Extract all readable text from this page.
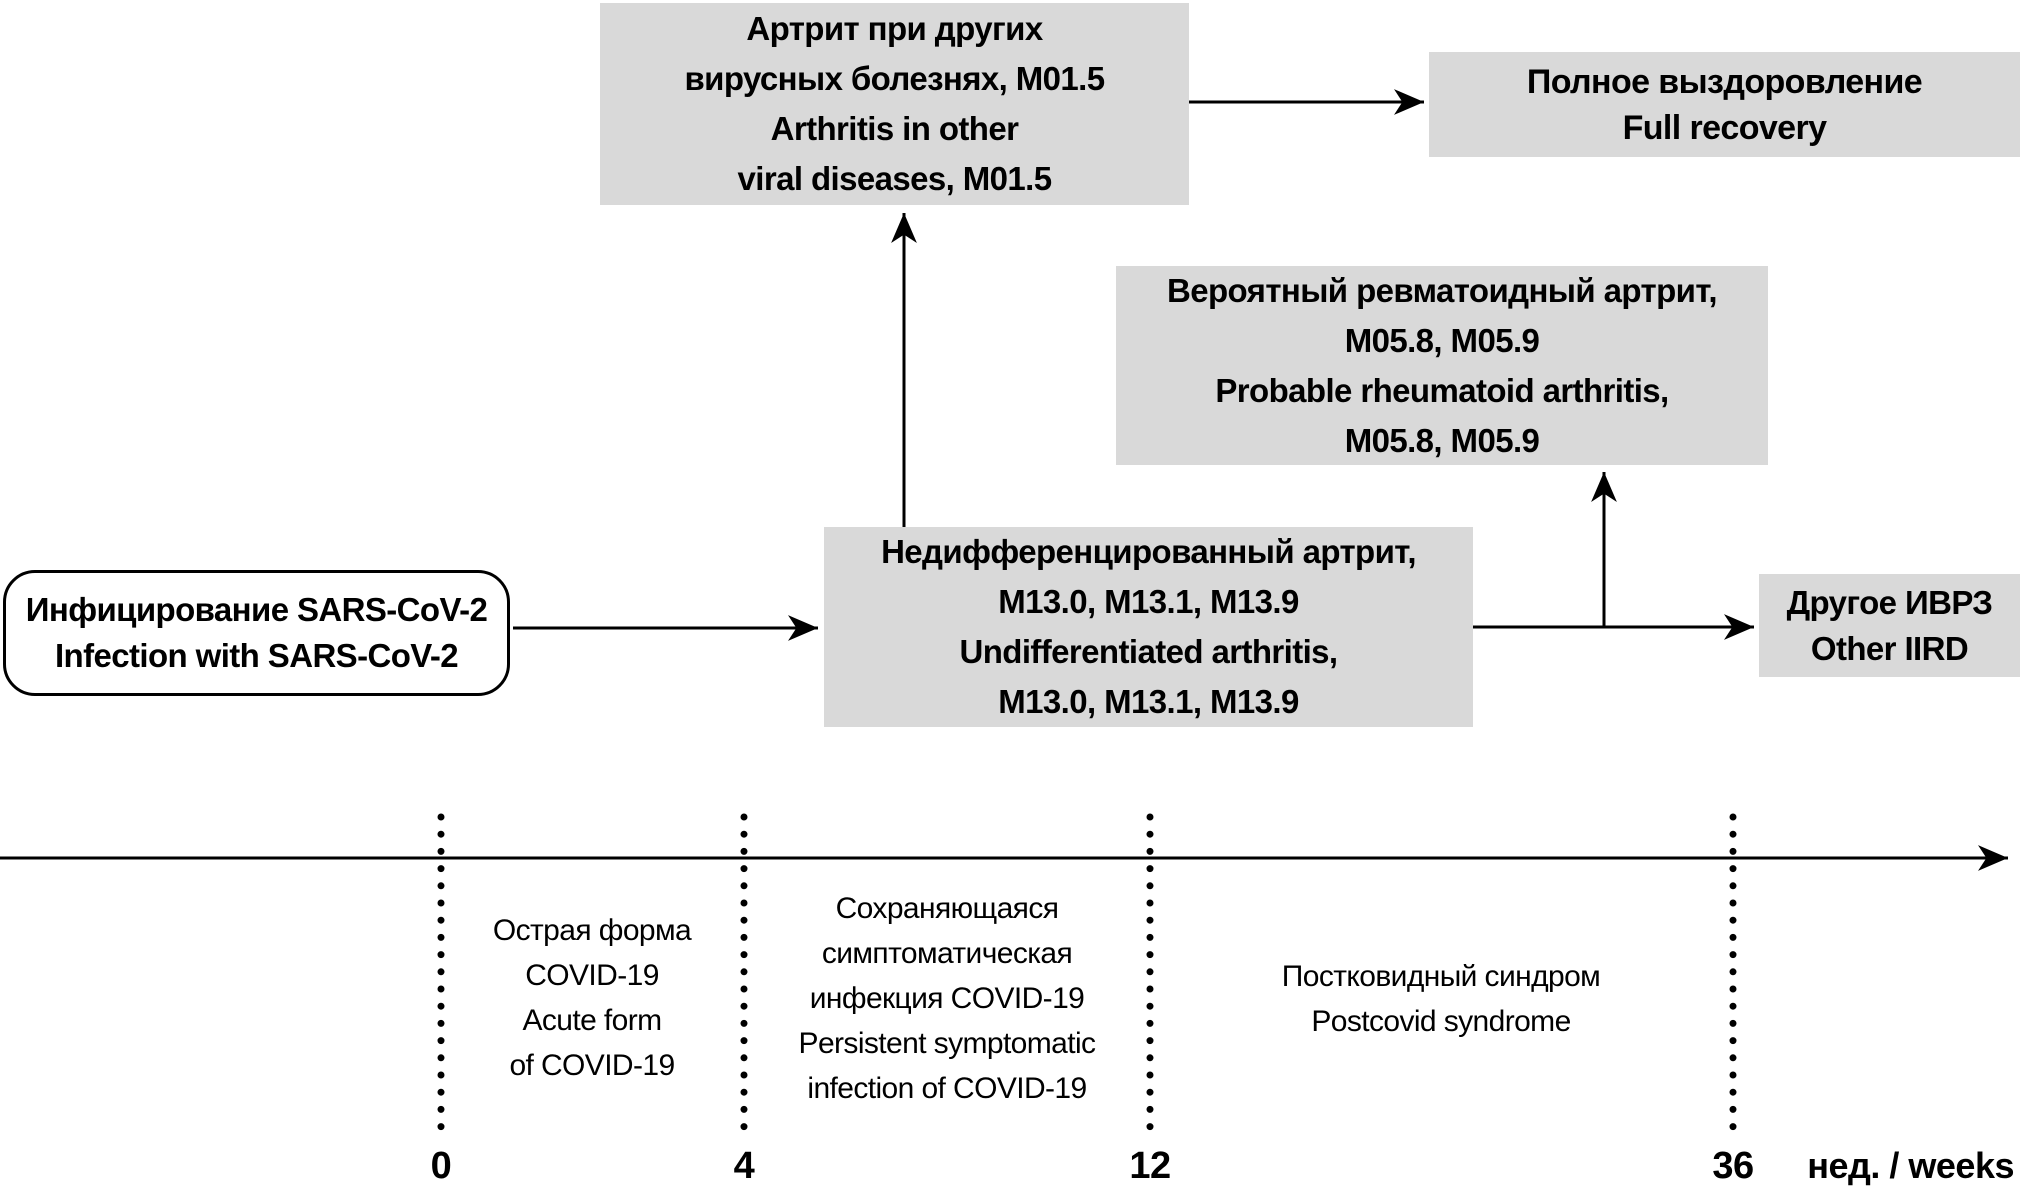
Артрит при других
вирусных болезнях, М01.5
Arthritis in other
viral diseases, M01.5
Полное выздоровление
Full recovery
Вероятный ревматоидный артрит,
М05.8, М05.9
Probable rheumatoid arthritis,
M05.8, M05.9
Инфицирование SARS-CoV-2
Infection with SARS-CoV-2
Недифференцированный артрит,
М13.0, М13.1, М13.9
Undifferentiated arthritis,
M13.0, M13.1, M13.9
Другое ИВРЗ
Other IIRD
Острая форма
COVID-19
Acute form
of COVID-19
Сохраняющаяся
симптоматическая
инфекция COVID-19
Persistent symptomatic
infection of COVID-19
Постковидный синдром
Postcovid syndrome
0	4	12	36 нед. / weeks
